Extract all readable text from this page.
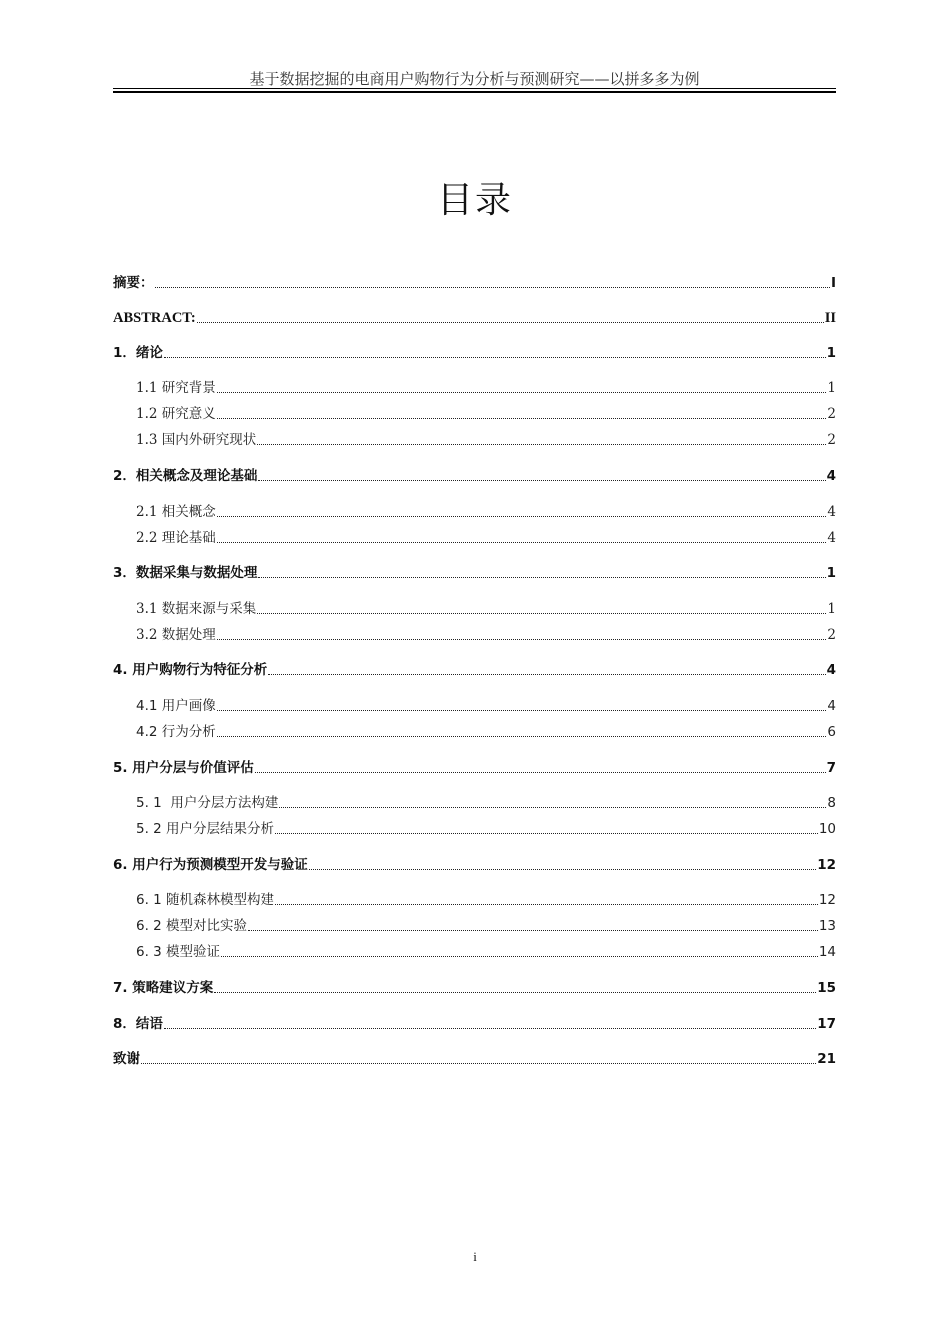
基于数据挖掘的电商用户购物行为分析与预测研究——以拼多多为例
目录
摘要：	I
ABSTRACT:	II
1．绪论	1
1.1 研究背景	1
1.2 研究意义	2
1.3 国内外研究现状	2
2．相关概念及理论基础	4
2.1 相关概念	4
2.2 理论基础	4
3．数据采集与数据处理	1
3.1 数据来源与采集	1
3.2 数据处理	2
4. 用户购物行为特征分析	4
4.1 用户画像	4
4.2 行为分析	6
5. 用户分层与价值评估	7
5. 1  用户分层方法构建	8
5. 2 用户分层结果分析	10
6. 用户行为预测模型开发与验证	12
6. 1 随机森林模型构建	12
6. 2 模型对比实验	13
6. 3 模型验证	14
7. 策略建议方案	15
8．结语	17
致谢	21
i
